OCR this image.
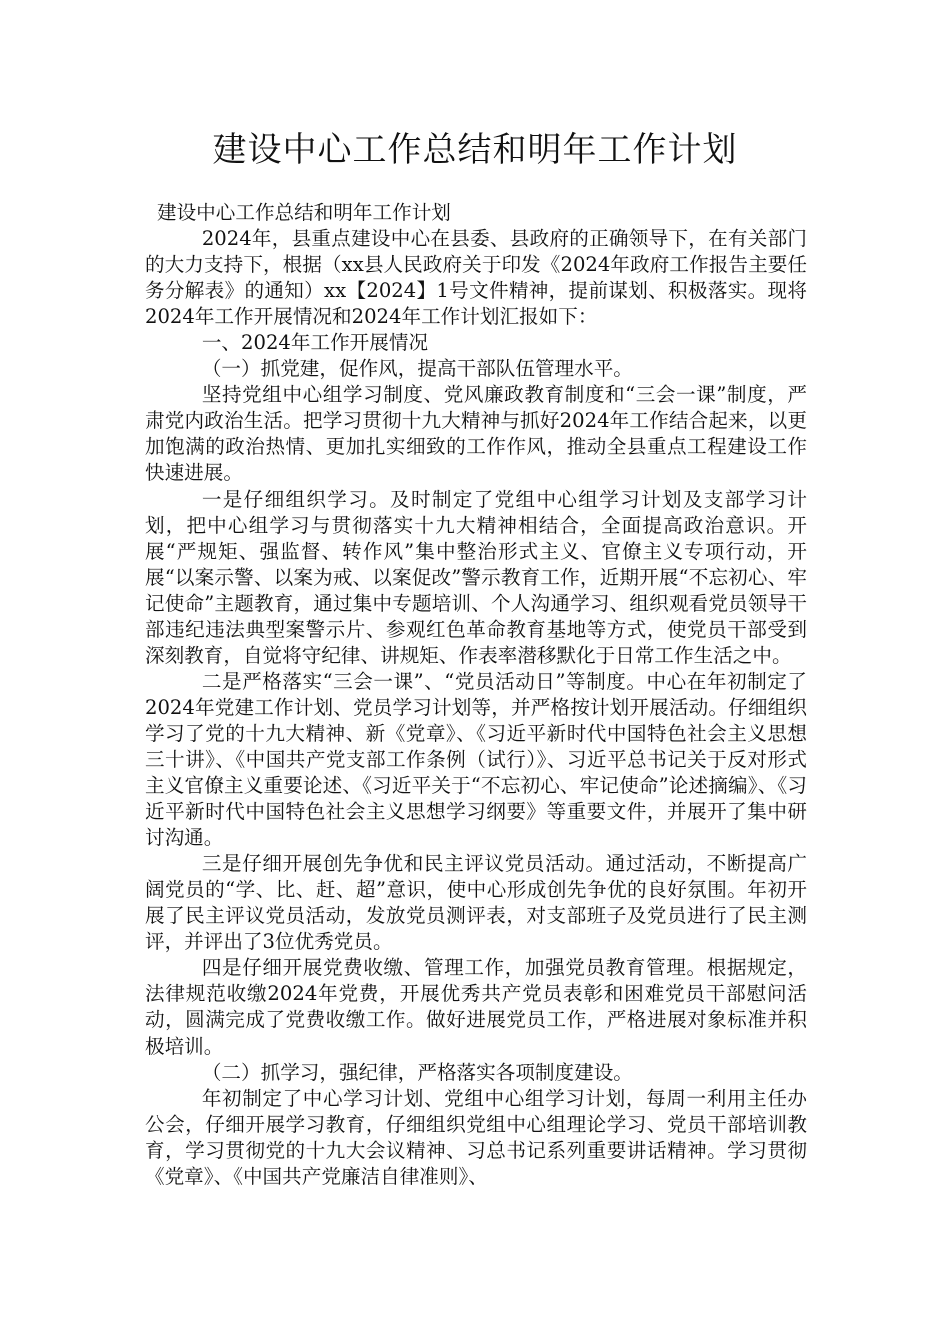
建设中心工作总结和明年工作计划

建设中心工作总结和明年工作计划

2024年，县重点建设中心在县委、县政府的正确领导下，在有关部门的大力支持下，根据（xx县人民政府关于印发《2024年政府工作报告主要任务分解表》的通知）xx【2024】1号文件精神，提前谋划、积极落实。现将2024年工作开展情况和2024年工作计划汇报如下：

一、2024年工作开展情况

（一）抓党建，促作风，提高干部队伍管理水平。

坚持党组中心组学习制度、党风廉政教育制度和“三会一课”制度，严肃党内政治生活。把学习贯彻十九大精神与抓好2024年工作结合起来，以更加饱满的政治热情、更加扎实细致的工作作风，推动全县重点工程建设工作快速进展。

一是仔细组织学习。及时制定了党组中心组学习计划及支部学习计划，把中心组学习与贯彻落实十九大精神相结合，全面提高政治意识。开展“严规矩、强监督、转作风”集中整治形式主义、官僚主义专项行动，开展“以案示警、以案为戒、以案促改”警示教育工作，近期开展“不忘初心、牢记使命”主题教育，通过集中专题培训、个人沟通学习、组织观看党员领导干部违纪违法典型案警示片、参观红色革命教育基地等方式，使党员干部受到深刻教育，自觉将守纪律、讲规矩、作表率潜移默化于日常工作生活之中。

二是严格落实“三会一课”、“党员活动日”等制度。中心在年初制定了2024年党建工作计划、党员学习计划等，并严格按计划开展活动。仔细组织学习了党的十九大精神、新《党章》、《习近平新时代中国特色社会主义思想三十讲》、《中国共产党支部工作条例（试行）》、习近平总书记关于反对形式主义官僚主义重要论述、《习近平关于“不忘初心、牢记使命”论述摘编》、《习近平新时代中国特色社会主义思想学习纲要》等重要文件，并展开了集中研讨沟通。

三是仔细开展创先争优和民主评议党员活动。通过活动，不断提高广阔党员的“学、比、赶、超”意识，使中心形成创先争优的良好氛围。年初开展了民主评议党员活动，发放党员测评表，对支部班子及党员进行了民主测评，并评出了3位优秀党员。

四是仔细开展党费收缴、管理工作，加强党员教育管理。根据规定，法律规范收缴2024年党费，开展优秀共产党员表彰和困难党员干部慰问活动，圆满完成了党费收缴工作。做好进展党员工作，严格进展对象标准并积极培训。

（二）抓学习，强纪律，严格落实各项制度建设。

年初制定了中心学习计划、党组中心组学习计划，每周一利用主任办公会，仔细开展学习教育，仔细组织党组中心组理论学习、党员干部培训教育，学习贯彻党的十九大会议精神、习总书记系列重要讲话精神。学习贯彻《党章》、《中国共产党廉洁自律准则》、
